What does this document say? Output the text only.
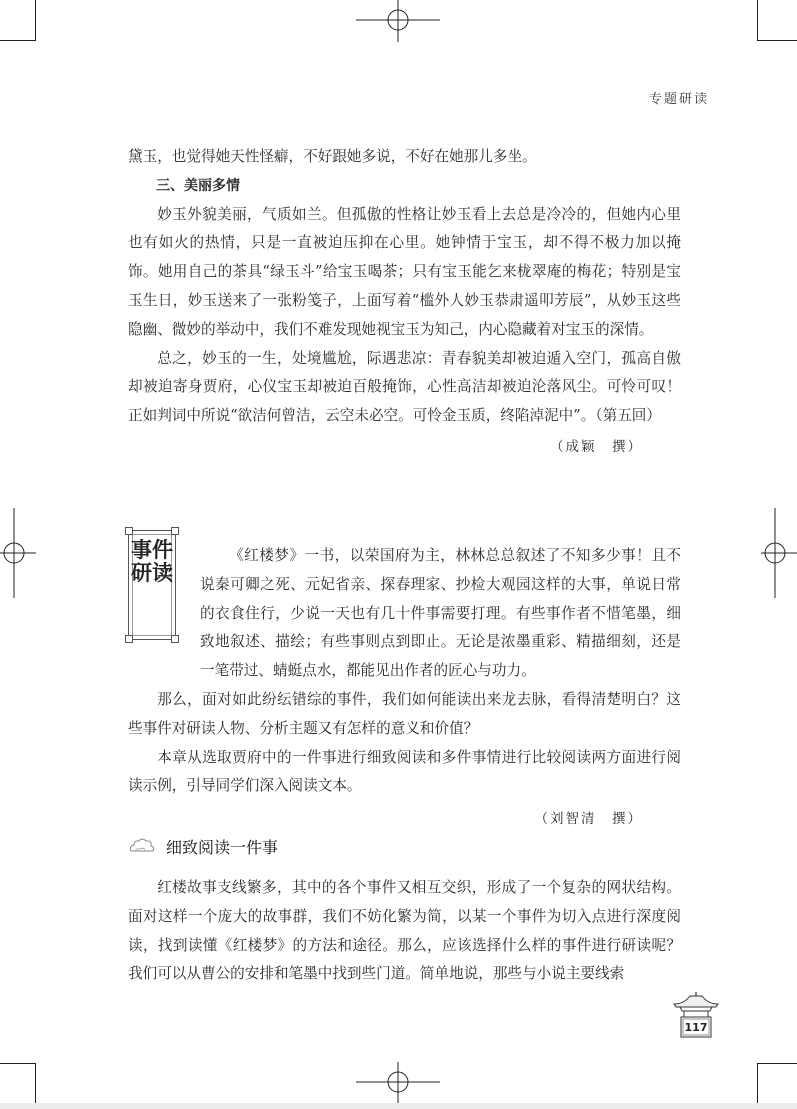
专题研读

黛玉，也觉得她天性怪癖，不好跟她多说，不好在她那儿多坐。

三、美丽多情

妙玉外貌美丽，气质如兰。但孤傲的性格让妙玉看上去总是冷冷的，但她内心里也有如火的热情，只是一直被迫压抑在心里。她钟情于宝玉，却不得不极力加以掩饰。她用自己的茶具“绿玉斗”给宝玉喝茶；只有宝玉能乞来栊翠庵的梅花；特别是宝玉生日，妙玉送来了一张粉笺子，上面写着“槛外人妙玉恭肃遥叩芳辰”，从妙玉这些隐幽、微妙的举动中，我们不难发现她视宝玉为知己，内心隐藏着对宝玉的深情。

总之，妙玉的一生，处境尴尬，际遇悲凉：青春貌美却被迫遁入空门，孤高自傲却被迫寄身贾府，心仪宝玉却被迫百般掩饰，心性高洁却被迫沦落风尘。可怜可叹！正如判词中所说“欲洁何曾洁，云空未必空。可怜金玉质，终陷淖泥中”。（第五回）

（成颖　撰）

事件研读

《红楼梦》一书，以荣国府为主，林林总总叙述了不知多少事！且不说秦可卿之死、元妃省亲、探春理家、抄检大观园这样的大事，单说日常的衣食住行，少说一天也有几十件事需要打理。有些事作者不惜笔墨，细致地叙述、描绘；有些事则点到即止。无论是浓墨重彩、精描细刻，还是一笔带过、蜻蜓点水，都能见出作者的匠心与功力。

那么，面对如此纷纭错综的事件，我们如何能读出来龙去脉，看得清楚明白？这些事件对研读人物、分析主题又有怎样的意义和价值？

本章从选取贾府中的一件事进行细致阅读和多件事情进行比较阅读两方面进行阅读示例，引导同学们深入阅读文本。

（刘智清　撰）

细致阅读一件事

红楼故事支线繁多，其中的各个事件又相互交织，形成了一个复杂的网状结构。面对这样一个庞大的故事群，我们不妨化繁为简，以某一个事件为切入点进行深度阅读，找到读懂《红楼梦》的方法和途径。那么，应该选择什么样的事件进行研读呢？我们可以从曹公的安排和笔墨中找到些门道。简单地说，那些与小说主要线索

117
